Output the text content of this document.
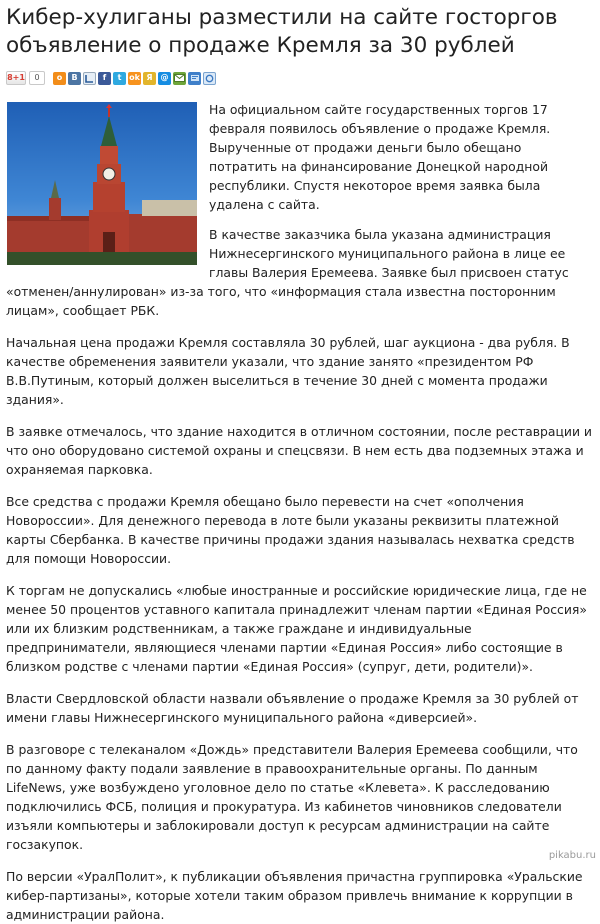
Кибер-хулиганы разместили на сайте госторгов объявление о продаже Кремля за 30 рублей
8+1	0	о	В	f	t ok Я @

На официальном сайте государственных торгов 17 февраля появилось объявление о продаже Кремля. Вырученные от продажи деньги было обещано потратить на финансирование Донецкой народной республики. Спустя некоторое время заявка была удалена с сайта.

В качестве заказчика была указана администрация Нижнесергинского муниципального района в лице ее главы Валерия Еремеева. Заявке был присвоен статус «отменен/аннулирован» из-за того, что «информация стала известна посторонним лицам», сообщает РБК.

Начальная цена продажи Кремля составляла 30 рублей, шаг аукциона - два рубля. В качестве обременения заявители указали, что здание занято «президентом РФ В.В.Путиным, который должен выселиться в течение 30 дней с момента продажи здания».

В заявке отмечалось, что здание находится в отличном состоянии, после реставрации и что оно оборудовано системой охраны и спецсвязи. В нем есть два подземных этажа и охраняемая парковка.

Все средства с продажи Кремля обещано было перевести на счет «ополчения Новороссии». Для денежного перевода в лоте были указаны реквизиты платежной карты Сбербанка. В качестве причины продажи здания называлась нехватка средств для помощи Новороссии.

К торгам не допускались «любые иностранные и российские юридические лица, где не менее 50 процентов уставного капитала принадлежит членам партии «Единая Россия» или их близким родственникам, а также граждане и индивидуальные предприниматели, являющиеся членами партии «Единая Россия» либо состоящие в близком родстве с членами партии «Единая Россия» (супруг, дети, родители)».

Власти Свердловской области назвали объявление о продаже Кремля за 30 рублей от имени главы Нижнесергинского муниципального района «диверсией».

В разговоре с телеканалом «Дождь» представители Валерия Еремеева сообщили, что по данному факту подали заявление в правоохранительные органы. По данным LifeNews, уже возбуждено уголовное дело по статье «Клевета». К расследованию подключились ФСБ, полиция и прокуратура. Из кабинетов чиновников следователи изъяли компьютеры и заблокировали доступ к ресурсам администрации на сайте госзакупок.

По версии «УралПолит», к публикации объявления причастна группировка «Уральские кибер-партизаны», которые хотели таким образом привлечь внимание к коррупции в администрации района.

pikabu.ru
